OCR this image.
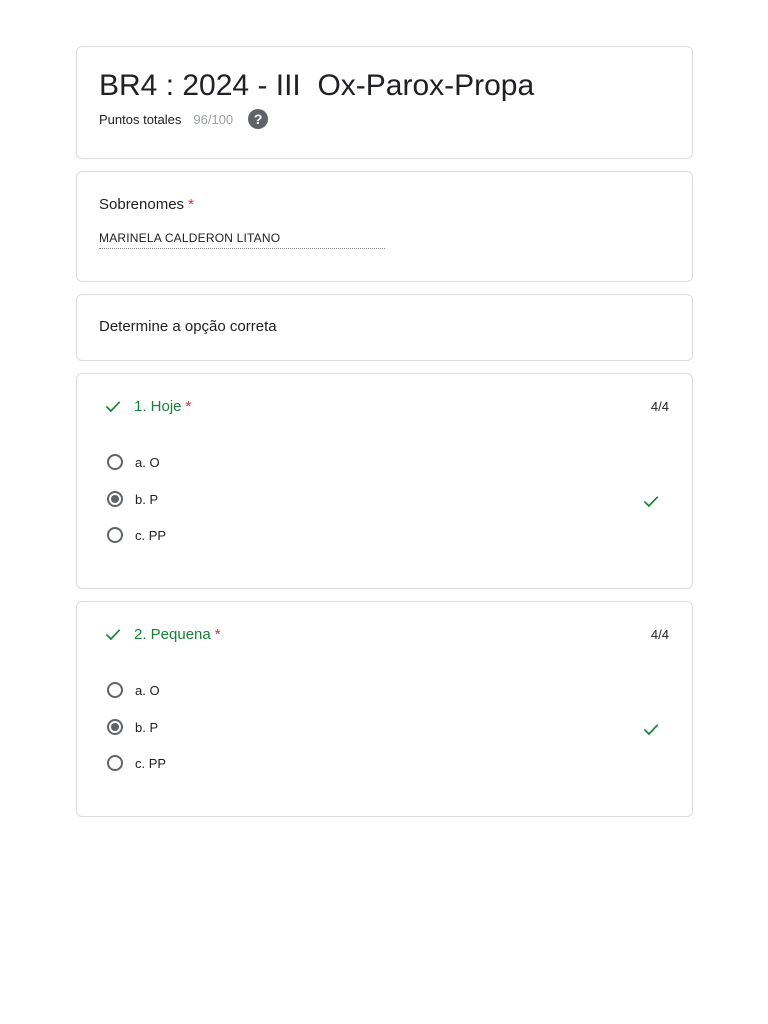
BR4 : 2024 - III  Ox-Parox-Propa
Puntos totales 96/100	?
Sobrenomes *
MARINELA CALDERON LITANO
Determine a opção correta
1. Hoje *	4/4
a. O
b. P
c. PP
2. Pequena *	4/4
a. O
b. P
c. PP
